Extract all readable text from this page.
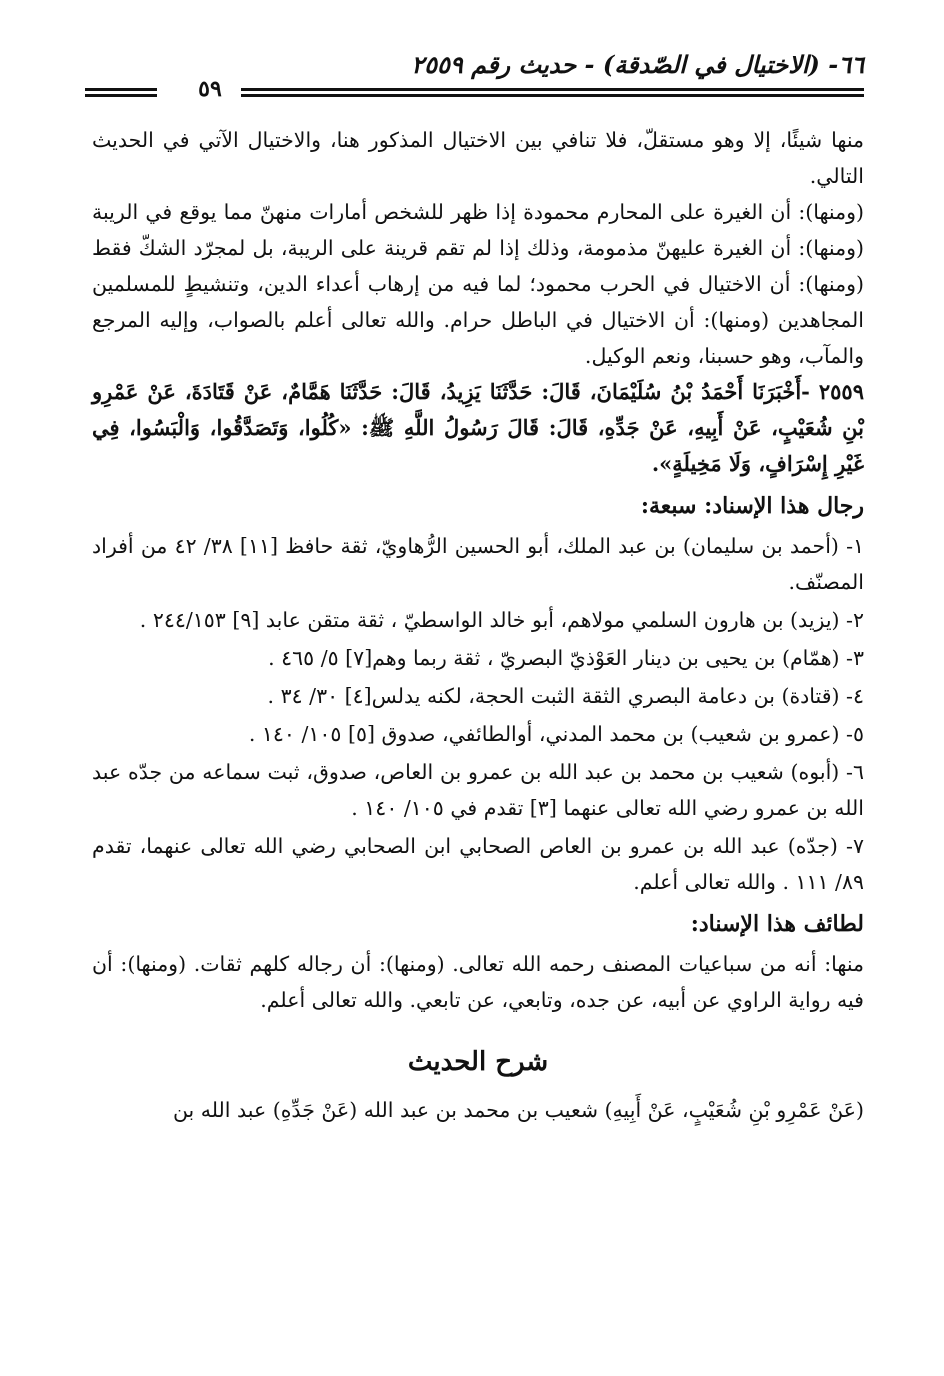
٦٦- (الاختيال في الصّدقة) - حديث رقم ٢٥٥٩
٥٩

منها شيئًا، إلا وهو مستقلّ، فلا تنافي بين الاختيال المذكور هنا، والاختيال الآتي في الحديث التالي.

(ومنها): أن الغيرة على المحارم محمودة إذا ظهر للشخص أمارات منهنّ مما يوقع في الريبة (ومنها): أن الغيرة عليهنّ مذمومة، وذلك إذا لم تقم قرينة على الريبة، بل لمجرّد الشكّ فقط (ومنها): أن الاختيال في الحرب محمود؛ لما فيه من إرهاب أعداء الدين، وتنشيطٍ للمسلمين المجاهدين (ومنها): أن الاختيال في الباطل حرام. والله تعالى أعلم بالصواب، وإليه المرجع والمآب، وهو حسبنا، ونعم الوكيل.

٢٥٥٩ -أَخْبَرَنَا أَحْمَدُ بْنُ سُلَيْمَانَ، قَالَ: حَدَّثَنَا يَزِيدُ، قَالَ: حَدَّثَنَا هَمَّامٌ، عَنْ قَتَادَةَ، عَنْ عَمْرِو بْنِ شُعَيْبٍ، عَنْ أَبِيهِ، عَنْ جَدِّهِ، قَالَ: قَالَ رَسُولُ اللَّهِ ﷺ: «كُلُوا، وَتَصَدَّقُوا، وَالْبَسُوا، فِي غَيْرِ إِسْرَافٍ، وَلَا مَخِيلَةٍ».

رجال هذا الإسناد: سبعة:

١- (أحمد بن سليمان) بن عبد الملك، أبو الحسين الرُّهاويّ، ثقة حافظ [١١] ٣٨/ ٤٢ من أفراد المصنّف.

٢- (يزيد) بن هارون السلمي مولاهم، أبو خالد الواسطيّ ، ثقة متقن عابد [٩] ٢٤٤/١٥٣ .

٣- (همّام) بن يحيى بن دينار العَوْذيّ البصريّ ، ثقة ربما وهم[٧] ٥/ ٤٦٥ .

٤- (قتادة) بن دعامة البصري الثقة الثبت الحجة، لكنه يدلس[٤] ٣٠/ ٣٤ .

٥- (عمرو بن شعيب) بن محمد المدني، أوالطائفي، صدوق [٥] ١٠٥/ ١٤٠ .

٦- (أبوه) شعيب بن محمد بن عبد الله بن عمرو بن العاص، صدوق، ثبت سماعه من جدّه عبد الله بن عمرو رضي الله تعالى عنهما [٣] تقدم في ١٠٥/ ١٤٠ .

٧- (جدّه) عبد الله بن عمرو بن العاص الصحابي ابن الصحابي رضي الله تعالى عنهما، تقدم ٨٩/ ١١١ . والله تعالى أعلم.

لطائف هذا الإسناد:

منها: أنه من سباعيات المصنف رحمه الله تعالى. (ومنها): أن رجاله كلهم ثقات. (ومنها): أن فيه رواية الراوي عن أبيه، عن جده، وتابعي، عن تابعي. والله تعالى أعلم.

شرح الحديث

(عَنْ عَمْرِو بْنِ شُعَيْبٍ، عَنْ أَبِيهِ) شعيب بن محمد بن عبد الله (عَنْ جَدِّهِ) عبد الله بن
